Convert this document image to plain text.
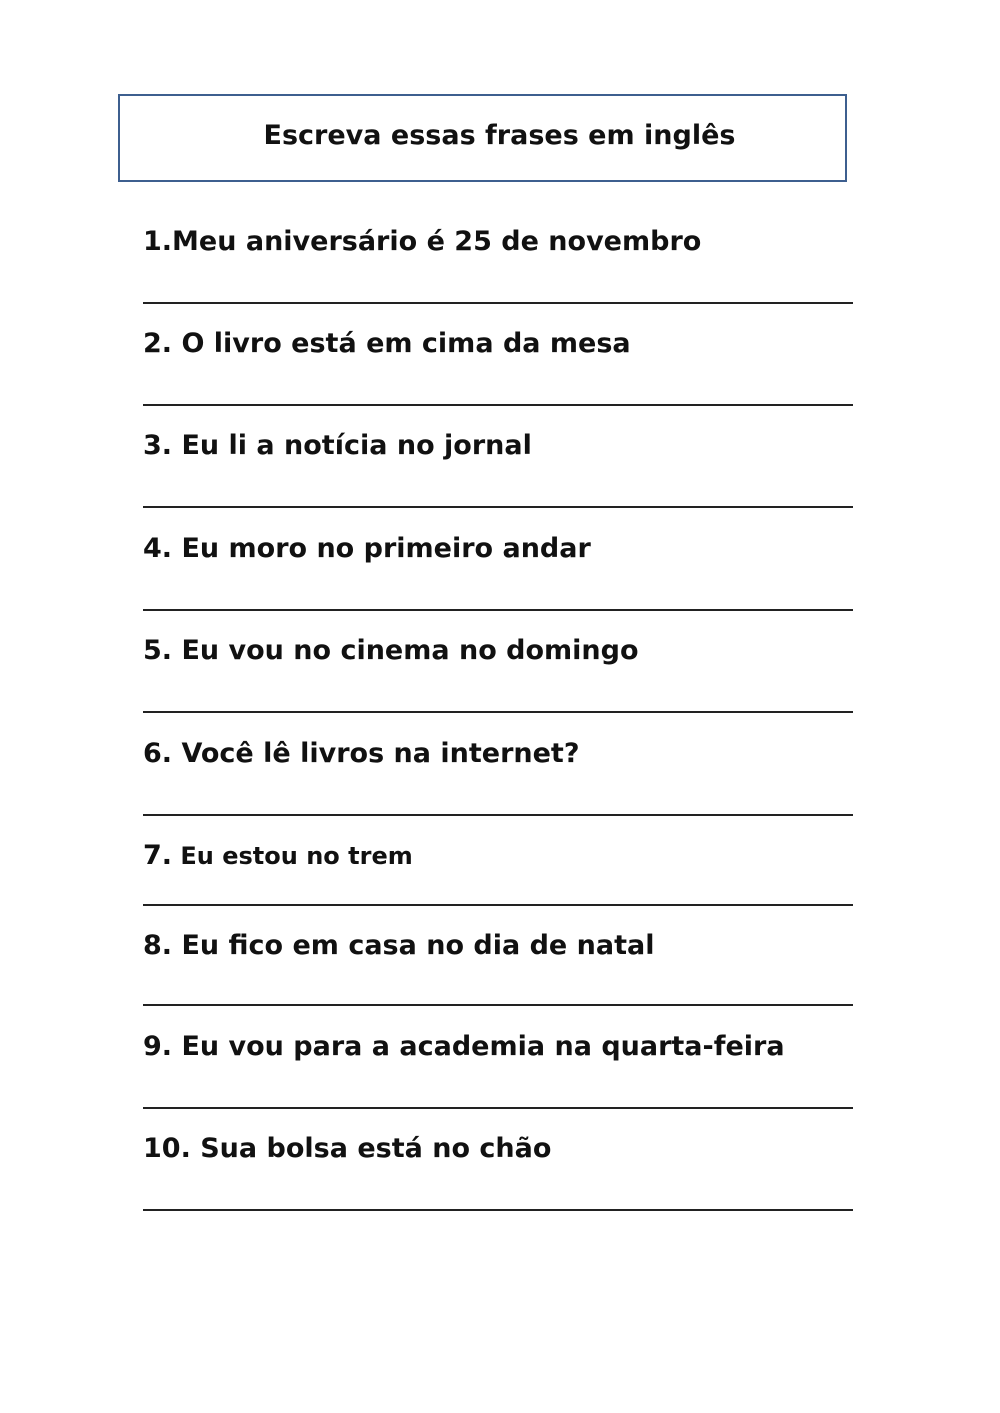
Escreva essas frases em inglês
1.Meu aniversário é 25 de novembro
2. O livro está em cima da mesa
3. Eu li a notícia no jornal
4. Eu moro no primeiro andar
5. Eu vou no cinema no domingo
6. Você lê livros na internet?
7. Eu estou no trem
8. Eu fico em casa no dia de natal
9. Eu vou para a academia na quarta-feira
10. Sua bolsa está no chão
